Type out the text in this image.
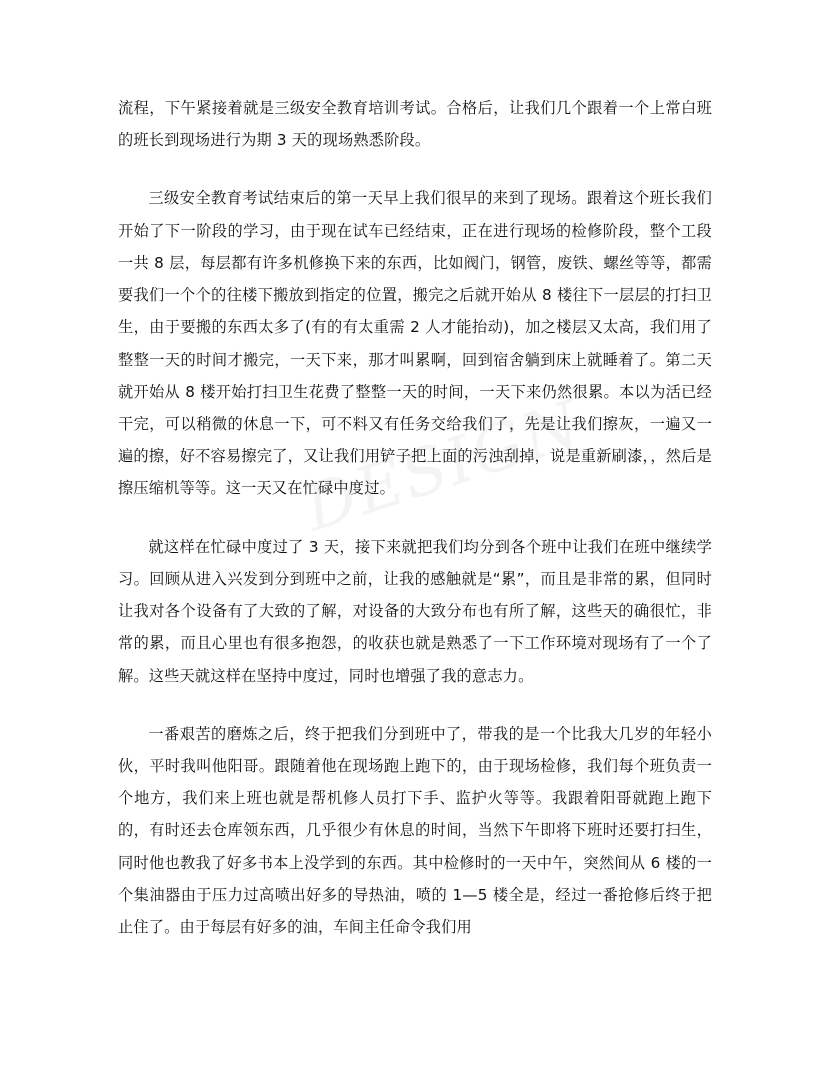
流程，下午紧接着就是三级安全教育培训考试。合格后，让我们几个跟着一个上常白班的班长到现场进行为期 3 天的现场熟悉阶段。

三级安全教育考试结束后的第一天早上我们很早的来到了现场。跟着这个班长我们开始了下一阶段的学习，由于现在试车已经结束，正在进行现场的检修阶段，整个工段一共 8 层，每层都有许多机修换下来的东西，比如阀门，钢管，废铁、螺丝等等，都需要我们一个个的往楼下搬放到指定的位置，搬完之后就开始从 8 楼往下一层层的打扫卫生，由于要搬的东西太多了(有的有太重需 2 人才能抬动)，加之楼层又太高，我们用了整整一天的时间才搬完，一天下来，那才叫累啊，回到宿舍躺到床上就睡着了。第二天就开始从 8 楼开始打扫卫生花费了整整一天的时间，一天下来仍然很累。本以为活已经干完，可以稍微的休息一下，可不料又有任务交给我们了，先是让我们擦灰，一遍又一遍的擦，好不容易擦完了，又让我们用铲子把上面的污浊刮掉，说是重新刷漆，，然后是擦压缩机等等。这一天又在忙碌中度过。

就这样在忙碌中度过了 3 天，接下来就把我们均分到各个班中让我们在班中继续学习。回顾从进入兴发到分到班中之前，让我的感触就是“累”，而且是非常的累，但同时让我对各个设备有了大致的了解，对设备的大致分布也有所了解，这些天的确很忙，非常的累，而且心里也有很多抱怨，的收获也就是熟悉了一下工作环境对现场有了一个了解。这些天就这样在坚持中度过，同时也增强了我的意志力。

一番艰苦的磨炼之后，终于把我们分到班中了，带我的是一个比我大几岁的年轻小伙，平时我叫他阳哥。跟随着他在现场跑上跑下的，由于现场检修，我们每个班负责一个地方，我们来上班也就是帮机修人员打下手、监护火等等。我跟着阳哥就跑上跑下的，有时还去仓库领东西，几乎很少有休息的时间，当然下午即将下班时还要打扫生，同时他也教我了好多书本上没学到的东西。其中检修时的一天中午，突然间从 6 楼的一个集油器由于压力过高喷出好多的导热油，喷的 1—5 楼全是，经过一番抢修后终于把止住了。由于每层有好多的油，车间主任命令我们用
